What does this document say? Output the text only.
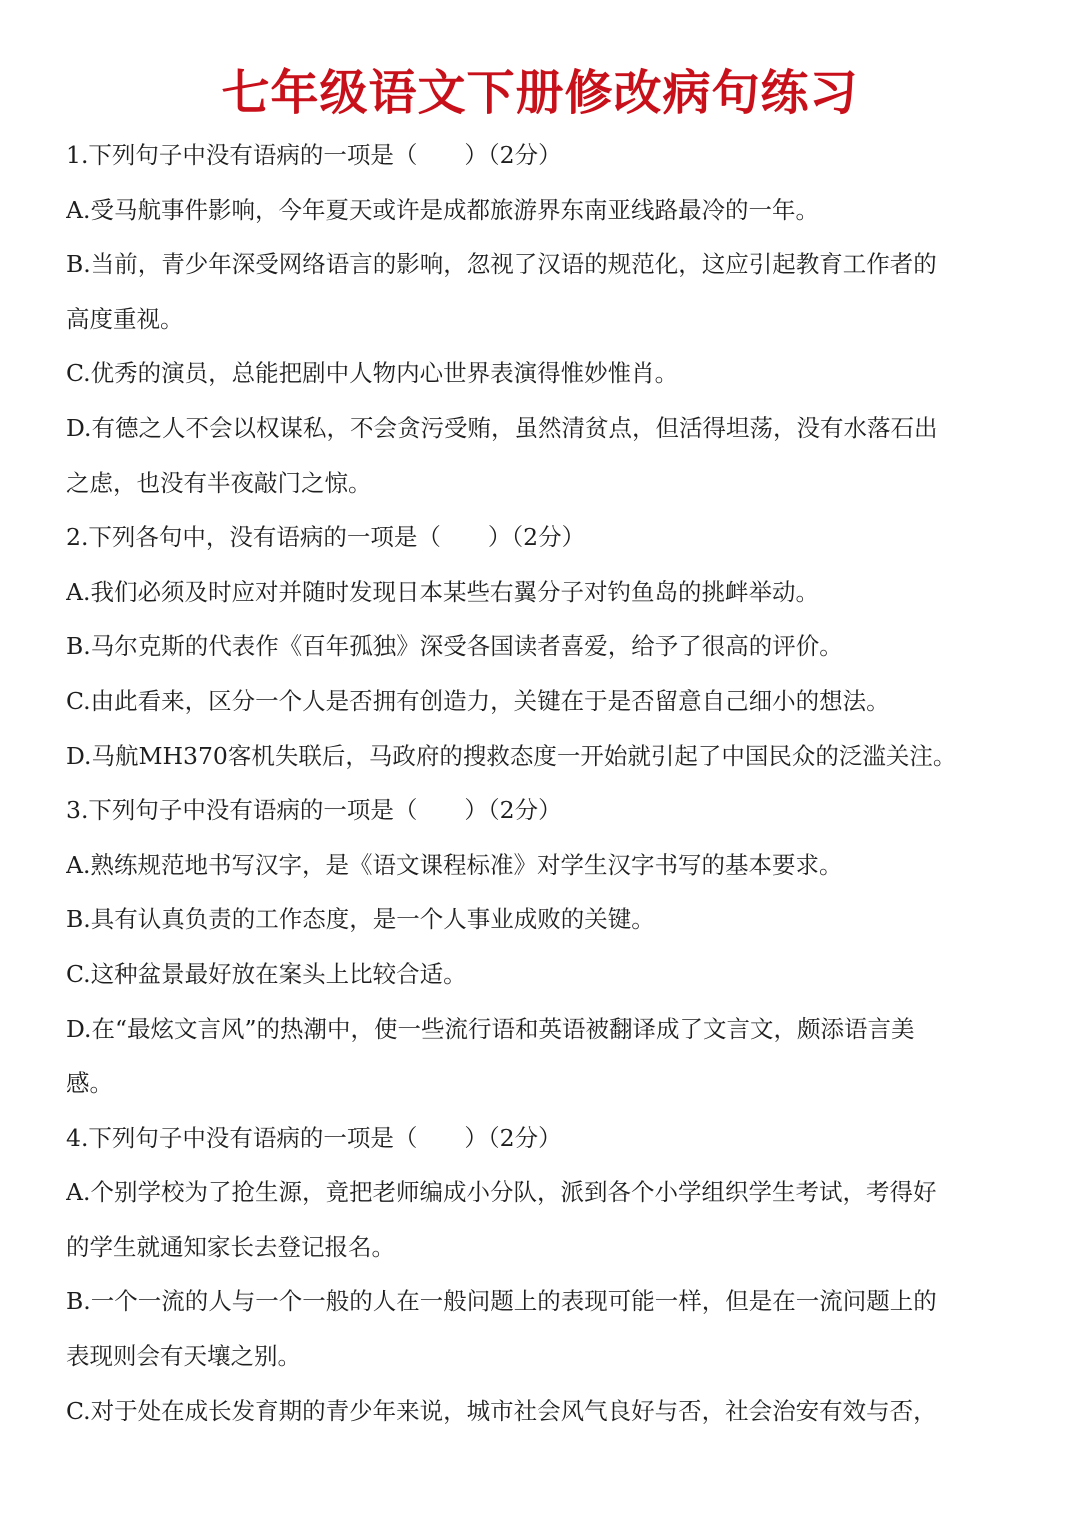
七年级语文下册修改病句练习
1.下列句子中没有语病的一项是（　　）（2分）
A.受马航事件影响，今年夏天或许是成都旅游界东南亚线路最冷的一年。
B.当前，青少年深受网络语言的影响，忽视了汉语的规范化，这应引起教育工作者的
高度重视。
C.优秀的演员，总能把剧中人物内心世界表演得惟妙惟肖。
D.有德之人不会以权谋私，不会贪污受贿，虽然清贫点，但活得坦荡，没有水落石出
之虑，也没有半夜敲门之惊。
2.下列各句中，没有语病的一项是（　　）（2分）
A.我们必须及时应对并随时发现日本某些右翼分子对钓鱼岛的挑衅举动。
B.马尔克斯的代表作《百年孤独》深受各国读者喜爱，给予了很高的评价。
C.由此看来，区分一个人是否拥有创造力，关键在于是否留意自己细小的想法。
D.马航MH370客机失联后，马政府的搜救态度一开始就引起了中国民众的泛滥关注。
3.下列句子中没有语病的一项是（　　）（2分）
A.熟练规范地书写汉字，是《语文课程标准》对学生汉字书写的基本要求。
B.具有认真负责的工作态度，是一个人事业成败的关键。
C.这种盆景最好放在案头上比较合适。
D.在“最炫文言风”的热潮中，使一些流行语和英语被翻译成了文言文，颇添语言美
感。
4.下列句子中没有语病的一项是（　　）（2分）
A.个别学校为了抢生源，竟把老师编成小分队，派到各个小学组织学生考试，考得好
的学生就通知家长去登记报名。
B.一个一流的人与一个一般的人在一般问题上的表现可能一样，但是在一流问题上的
表现则会有天壤之别。
C.对于处在成长发育期的青少年来说，城市社会风气良好与否，社会治安有效与否，
